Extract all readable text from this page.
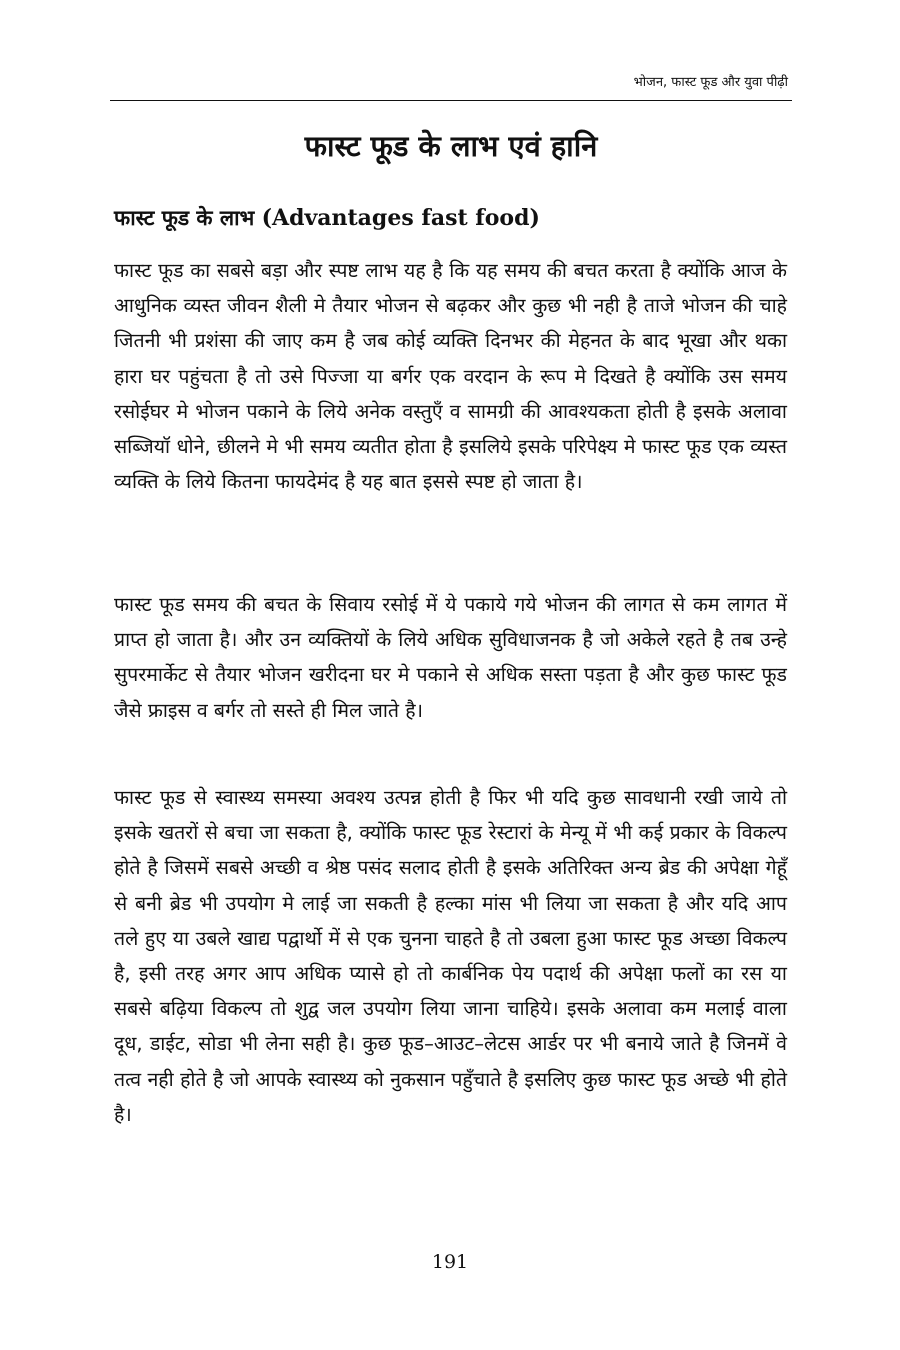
भोजन, फास्ट फूड और युवा पीढ़ी
फास्ट फूड के लाभ एवं हानि
फास्ट फूड के लाभ (Advantages fast food)

फास्ट फूड का सबसे बड़ा और स्पष्ट लाभ यह है कि यह समय की बचत करता है क्योंकि आज के आधुनिक व्यस्त जीवन शैली मे तैयार भोजन से बढ़कर और कुछ भी नही है ताजे भोजन की चाहे जितनी भी प्रशंसा की जाए कम है जब कोई व्यक्ति दिनभर की मेहनत के बाद भूखा और थका हारा घर पहुंचता है तो उसे पिज्जा या बर्गर एक वरदान के रूप मे दिखते है क्योंकि उस समय रसोईघर मे भोजन पकाने के लिये अनेक वस्तुएँ व सामग्री की आवश्यकता होती है इसके अलावा सब्जियॉ धोने, छीलने मे भी समय व्यतीत होता है इसलिये इसके परिपेक्ष्य मे फास्ट फूड एक व्यस्त व्यक्ति के लिये कितना फायदेमंद है यह बात इससे स्पष्ट हो जाता है।

फास्ट फूड समय की बचत के सिवाय रसोई में ये पकाये गये भोजन की लागत से कम लागत में प्राप्त हो जाता है। और उन व्यक्तियों के लिये अधिक सुविधाजनक है जो अकेले रहते है तब उन्हे सुपरमार्केट से तैयार भोजन खरीदना घर मे पकाने से अधिक सस्ता पड़ता है और कुछ फास्ट फूड जैसे फ्राइस व बर्गर तो सस्ते ही मिल जाते है।

फास्ट फूड से स्वास्थ्य समस्या अवश्य उत्पन्न होती है फिर भी यदि कुछ सावधानी रखी जाये तो इसके खतरों से बचा जा सकता है, क्योंकि फास्ट फूड रेस्टारां के मेन्यू में भी कई प्रकार के विकल्प होते है जिसमें सबसे अच्छी व श्रेष्ठ पसंद सलाद होती है इसके अतिरिक्त अन्य ब्रेड की अपेक्षा गेहूँ से बनी ब्रेड भी उपयोग मे लाई जा सकती है हल्का मांस भी लिया जा सकता है और यदि आप तले हुए या उबले खाद्य पद्वार्थो में से एक चुनना चाहते है तो उबला हुआ फास्ट फूड अच्छा विकल्प है, इसी तरह अगर आप अधिक प्यासे हो तो कार्बनिक पेय पदार्थ की अपेक्षा फलों का रस या सबसे बढ़िया विकल्प तो शुद्व जल उपयोग लिया जाना चाहिये। इसके अलावा कम मलाई वाला दूध, डाईट, सोडा भी लेना सही है। कुछ फूड–आउट–लेटस आर्डर पर भी बनाये जाते है जिनमें वे तत्व नही होते है जो आपके स्वास्थ्य को नुकसान पहुँचाते है इसलिए कुछ फास्ट फूड अच्छे भी होते है।

191
